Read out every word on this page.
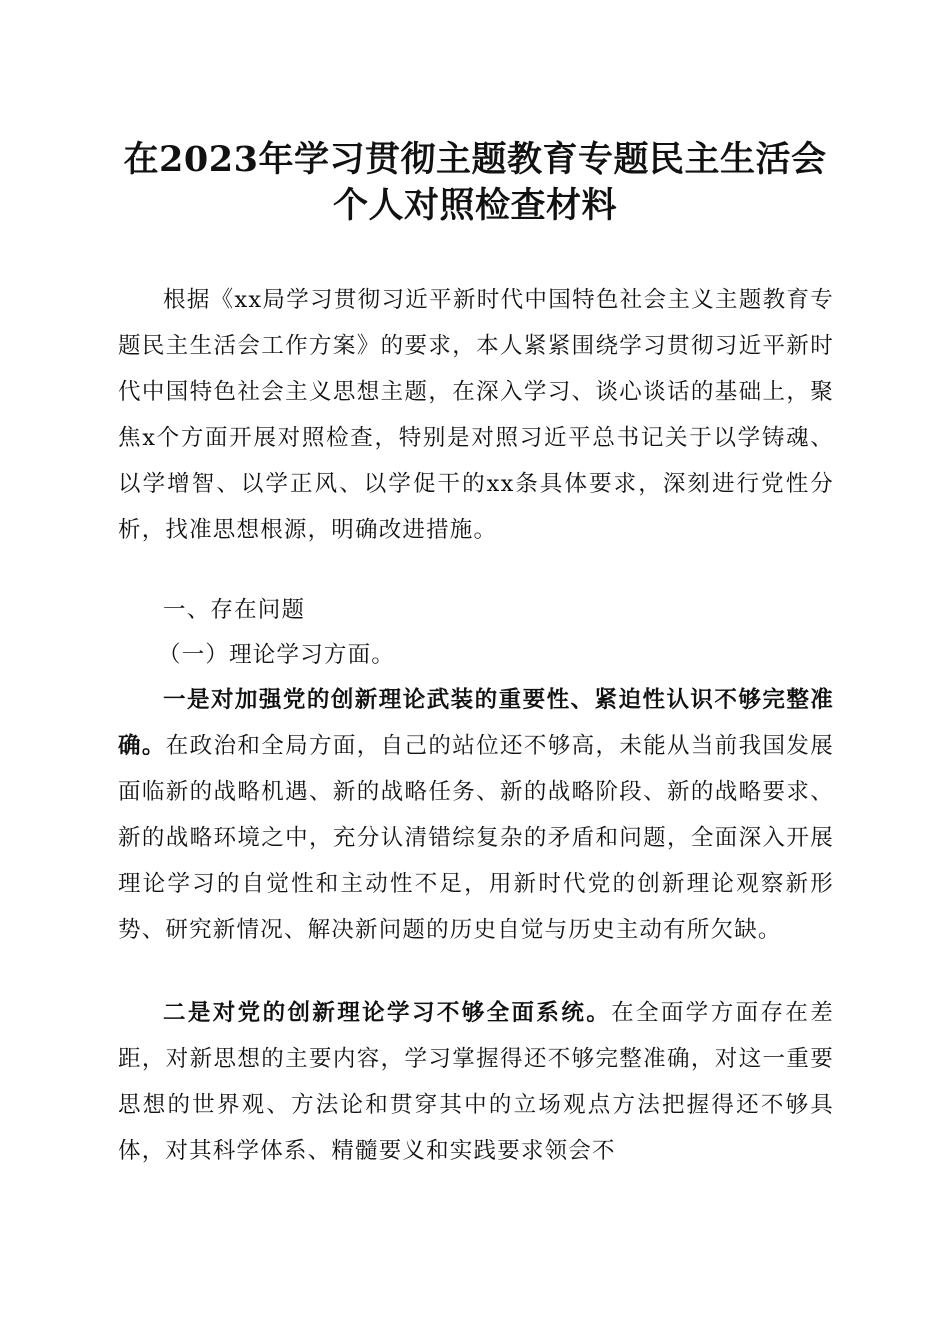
在2023年学习贯彻主题教育专题民主生活会
个人对照检查材料

根据《xx局学习贯彻习近平新时代中国特色社会主义主题教育专题民主生活会工作方案》的要求，本人紧紧围绕学习贯彻习近平新时代中国特色社会主义思想主题，在深入学习、谈心谈话的基础上，聚焦x个方面开展对照检查，特别是对照习近平总书记关于以学铸魂、以学增智、以学正风、以学促干的xx条具体要求，深刻进行党性分析，找准思想根源，明确改进措施。

一、存在问题

（一）理论学习方面。

一是对加强党的创新理论武装的重要性、紧迫性认识不够完整准确。在政治和全局方面，自己的站位还不够高，未能从当前我国发展面临新的战略机遇、新的战略任务、新的战略阶段、新的战略要求、新的战略环境之中，充分认清错综复杂的矛盾和问题，全面深入开展理论学习的自觉性和主动性不足，用新时代党的创新理论观察新形势、研究新情况、解决新问题的历史自觉与历史主动有所欠缺。

二是对党的创新理论学习不够全面系统。在全面学方面存在差距，对新思想的主要内容，学习掌握得还不够完整准确，对这一重要思想的世界观、方法论和贯穿其中的立场观点方法把握得还不够具体，对其科学体系、精髓要义和实践要求领会不
